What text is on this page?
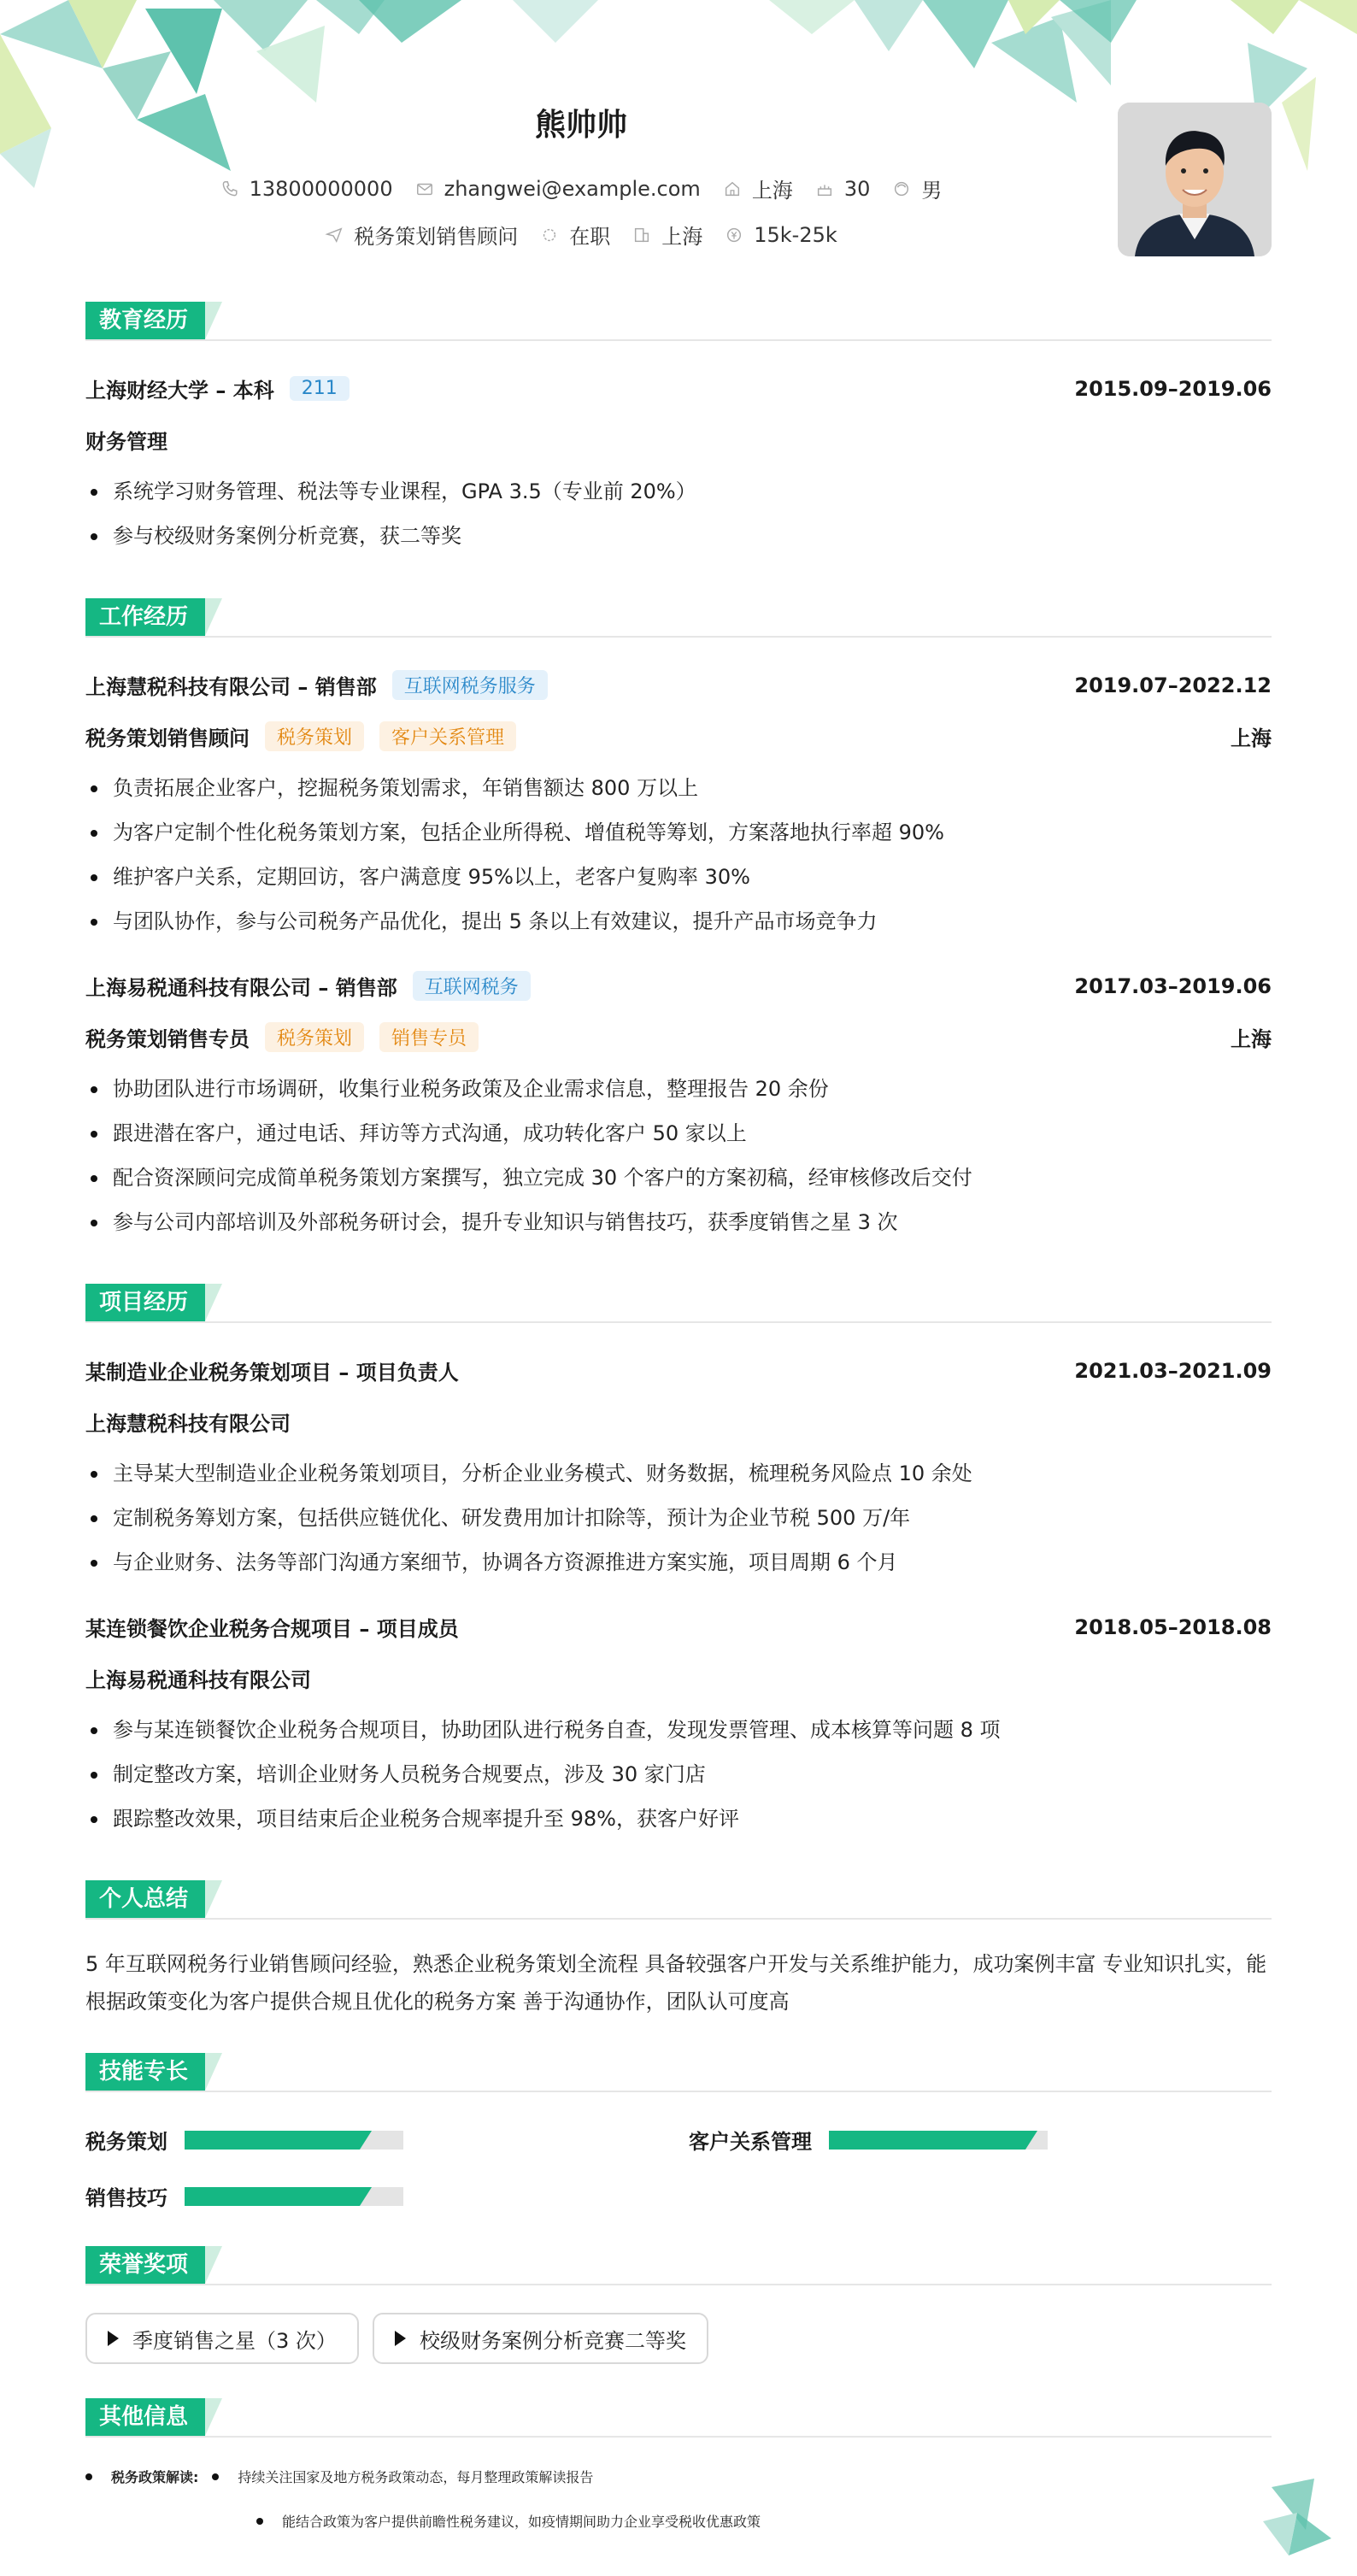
熊帅帅
13800000000	zhangwei@example.com	上海	30	男
税务策划销售顾问	在职	上海	15k-25k
教育经历
上海财经大学 – 本科	211	2015.09–2019.06
财务管理
系统学习财务管理、税法等专业课程，GPA 3.5（专业前 20%）
参与校级财务案例分析竞赛，获二等奖
工作经历
上海慧税科技有限公司 – 销售部	互联网税务服务	2019.07–2022.12
税务策划销售顾问	税务策划	客户关系管理	上海
负责拓展企业客户，挖掘税务策划需求，年销售额达 800 万以上
为客户定制个性化税务策划方案，包括企业所得税、增值税等筹划，方案落地执行率超 90%
维护客户关系，定期回访，客户满意度 95%以上，老客户复购率 30%
与团队协作，参与公司税务产品优化，提出 5 条以上有效建议，提升产品市场竞争力
上海易税通科技有限公司 – 销售部	互联网税务	2017.03–2019.06
税务策划销售专员	税务策划	销售专员	上海
协助团队进行市场调研，收集行业税务政策及企业需求信息，整理报告 20 余份
跟进潜在客户，通过电话、拜访等方式沟通，成功转化客户 50 家以上
配合资深顾问完成简单税务策划方案撰写，独立完成 30 个客户的方案初稿，经审核修改后交付
参与公司内部培训及外部税务研讨会，提升专业知识与销售技巧，获季度销售之星 3 次
项目经历
某制造业企业税务策划项目 – 项目负责人	2021.03–2021.09
上海慧税科技有限公司
主导某大型制造业企业税务策划项目，分析企业业务模式、财务数据，梳理税务风险点 10 余处
定制税务筹划方案，包括供应链优化、研发费用加计扣除等，预计为企业节税 500 万/年
与企业财务、法务等部门沟通方案细节，协调各方资源推进方案实施，项目周期 6 个月
某连锁餐饮企业税务合规项目 – 项目成员	2018.05–2018.08
上海易税通科技有限公司
参与某连锁餐饮企业税务合规项目，协助团队进行税务自查，发现发票管理、成本核算等问题 8 项
制定整改方案，培训企业财务人员税务合规要点，涉及 30 家门店
跟踪整改效果，项目结束后企业税务合规率提升至 98%，获客户好评
个人总结
5 年互联网税务行业销售顾问经验，熟悉企业税务策划全流程 具备较强客户开发与关系维护能力，成功案例丰富 专业知识扎实，能根据政策变化为客户提供合规且优化的税务方案 善于沟通协作，团队认可度高
技能专长
税务策划	客户关系管理
销售技巧
荣誉奖项
季度销售之星（3 次）	校级财务案例分析竞赛二等奖
其他信息
税务政策解读:	持续关注国家及地方税务政策动态，每月整理政策解读报告
能结合政策为客户提供前瞻性税务建议，如疫情期间助力企业享受税收优惠政策
